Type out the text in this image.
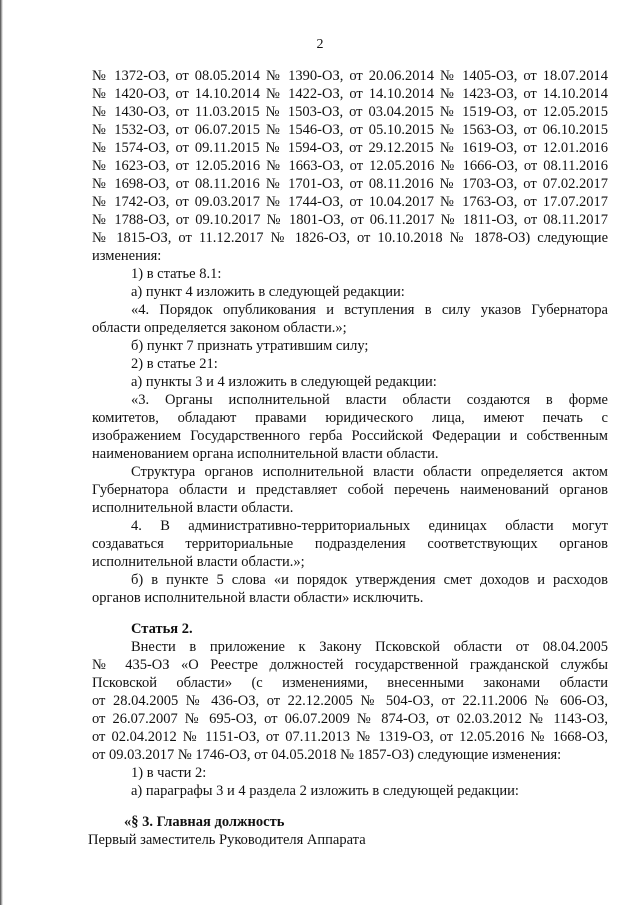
2
№ 1372-ОЗ, от 08.05.2014 № 1390-ОЗ, от 20.06.2014 № 1405-ОЗ, от 18.07.2014
№ 1420-ОЗ, от 14.10.2014 № 1422-ОЗ, от 14.10.2014 № 1423-ОЗ, от 14.10.2014
№ 1430-ОЗ, от 11.03.2015 № 1503-ОЗ, от 03.04.2015 № 1519-ОЗ, от 12.05.2015
№ 1532-ОЗ, от 06.07.2015 № 1546-ОЗ, от 05.10.2015 № 1563-ОЗ, от 06.10.2015
№ 1574-ОЗ, от 09.11.2015 № 1594-ОЗ, от 29.12.2015 № 1619-ОЗ, от 12.01.2016
№ 1623-ОЗ, от 12.05.2016 № 1663-ОЗ, от 12.05.2016 № 1666-ОЗ, от 08.11.2016
№ 1698-ОЗ, от 08.11.2016 № 1701-ОЗ, от 08.11.2016 № 1703-ОЗ, от 07.02.2017
№ 1742-ОЗ, от 09.03.2017 № 1744-ОЗ, от 10.04.2017 № 1763-ОЗ, от 17.07.2017
№ 1788-ОЗ, от 09.10.2017 № 1801-ОЗ, от 06.11.2017 № 1811-ОЗ, от 08.11.2017
№ 1815-ОЗ, от 11.12.2017 № 1826-ОЗ, от 10.10.2018 № 1878-ОЗ) следующие
изменения:
1) в статье 8.1:
а) пункт 4 изложить в следующей редакции:
«4. Порядок опубликования и вступления в силу указов Губернатора
области определяется законом области.»;
б) пункт 7 признать утратившим силу;
2) в статье 21:
а) пункты 3 и 4 изложить в следующей редакции:
«3. Органы исполнительной власти области создаются в форме
комитетов, обладают правами юридического лица, имеют печать с
изображением Государственного герба Российской Федерации и собственным
наименованием органа исполнительной власти области.
Структура органов исполнительной власти области определяется актом
Губернатора области и представляет собой перечень наименований органов
исполнительной власти области.
4. В административно-территориальных единицах области могут
создаваться территориальные подразделения соответствующих органов
исполнительной власти области.»;
б) в пункте 5 слова «и порядок утверждения смет доходов и расходов
органов исполнительной власти области» исключить.
Статья 2.
Внести в приложение к Закону Псковской области от 08.04.2005
№ 435-ОЗ «О Реестре должностей государственной гражданской службы
Псковской области» (с изменениями, внесенными законами области
от 28.04.2005 № 436-ОЗ, от 22.12.2005 № 504-ОЗ, от 22.11.2006 № 606-ОЗ,
от 26.07.2007 № 695-ОЗ, от 06.07.2009 № 874-ОЗ, от 02.03.2012 № 1143-ОЗ,
от 02.04.2012 № 1151-ОЗ, от 07.11.2013 № 1319-ОЗ, от 12.05.2016 № 1668-ОЗ,
от 09.03.2017 № 1746-ОЗ, от 04.05.2018 № 1857-ОЗ) следующие изменения:
1) в части 2:
а) параграфы 3 и 4 раздела 2 изложить в следующей редакции:
«§ 3. Главная должность
Первый заместитель Руководителя Аппарата
